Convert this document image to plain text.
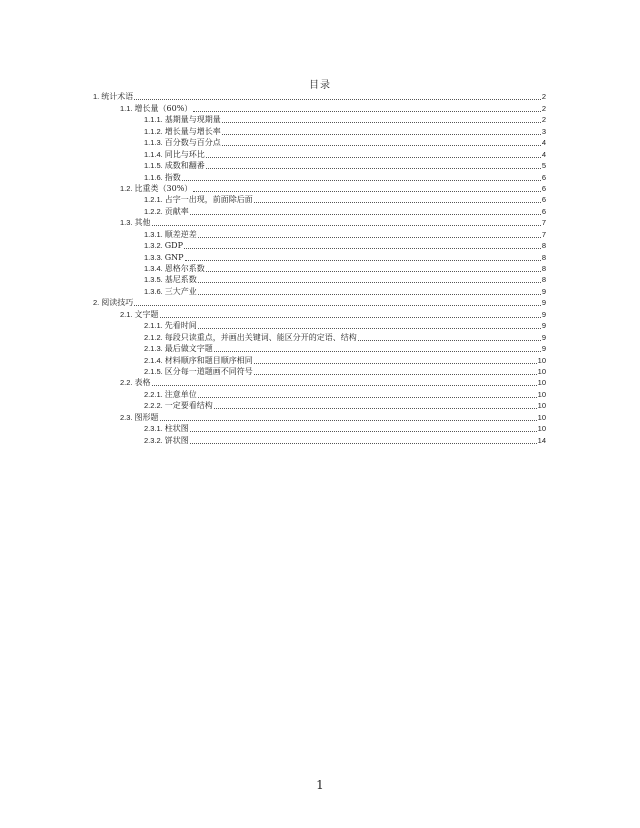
目录
1. 统计术语	2
1.1. 增长量（60%）	2
1.1.1. 基期量与现期量	2
1.1.2. 增长量与增长率	3
1.1.3. 百分数与百分点	4
1.1.4. 同比与环比	4
1.1.5. 成数和翻番	5
1.1.6. 指数	6
1.2. 比重类（30%）	6
1.2.1. 占字一出现，前面除后面	6
1.2.2. 贡献率	6
1.3. 其他	7
1.3.1. 顺差逆差	7
1.3.2. GDP	8
1.3.3. GNP	8
1.3.4. 恩格尔系数	8
1.3.5. 基尼系数	8
1.3.6. 三大产业	9
2. 阅读技巧	9
2.1. 文字题	9
2.1.1. 先看时间	9
2.1.2. 每段只读重点，并画出关键词、能区分开的定语、结构	9
2.1.3. 最后做文字题	9
2.1.4. 材料顺序和题目顺序相同	10
2.1.5. 区分每一道题画不同符号	10
2.2. 表格	10
2.2.1. 注意单位	10
2.2.2. 一定要看结构	10
2.3. 图形题	10
2.3.1. 柱状图	10
2.3.2. 饼状图	14
1
